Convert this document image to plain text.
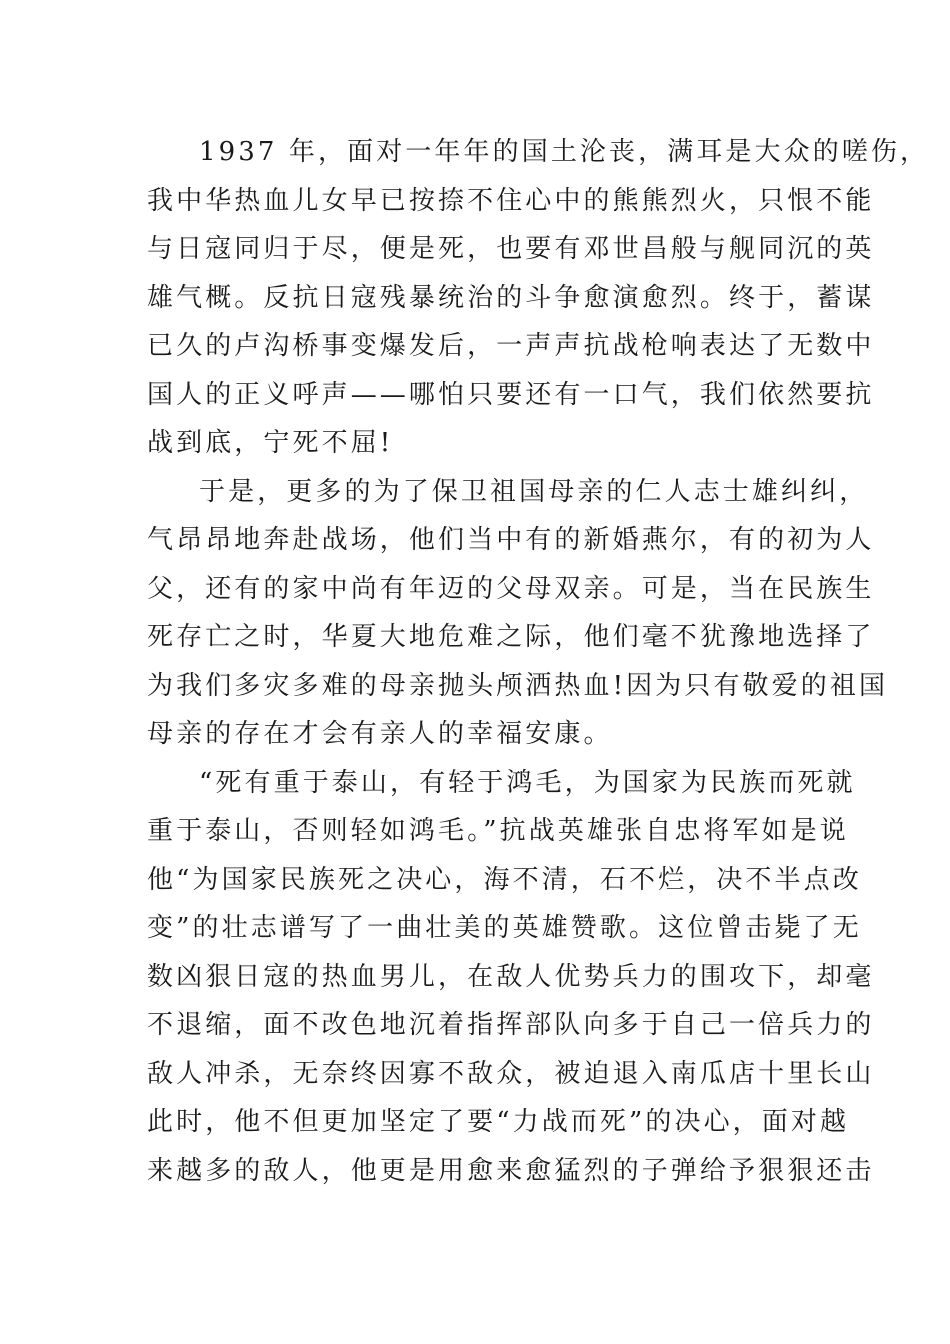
1937 年，面对一年年的国土沦丧，满耳是大众的嗟伤，
我中华热血儿女早已按捺不住心中的熊熊烈火，只恨不能
与日寇同归于尽，便是死，也要有邓世昌般与舰同沉的英
雄气概。反抗日寇残暴统治的斗争愈演愈烈。终于，蓄谋
已久的卢沟桥事变爆发后，一声声抗战枪响表达了无数中
国人的正义呼声——哪怕只要还有一口气，我们依然要抗
战到底，宁死不屈!
于是，更多的为了保卫祖国母亲的仁人志士雄纠纠，
气昂昂地奔赴战场，他们当中有的新婚燕尔，有的初为人
父，还有的家中尚有年迈的父母双亲。可是，当在民族生
死存亡之时，华夏大地危难之际，他们毫不犹豫地选择了
为我们多灾多难的母亲抛头颅洒热血!因为只有敬爱的祖国
母亲的存在才会有亲人的幸福安康。
“死有重于泰山，有轻于鸿毛，为国家为民族而死就
重于泰山，否则轻如鸿毛。”抗战英雄张自忠将军如是说
他“为国家民族死之决心，海不清，石不烂，决不半点改
变”的壮志谱写了一曲壮美的英雄赞歌。这位曾击毙了无
数凶狠日寇的热血男儿，在敌人优势兵力的围攻下，却毫
不退缩，面不改色地沉着指挥部队向多于自己一倍兵力的
敌人冲杀，无奈终因寡不敌众，被迫退入南瓜店十里长山
此时，他不但更加坚定了要“力战而死”的决心，面对越
来越多的敌人，他更是用愈来愈猛烈的子弹给予狠狠还击
